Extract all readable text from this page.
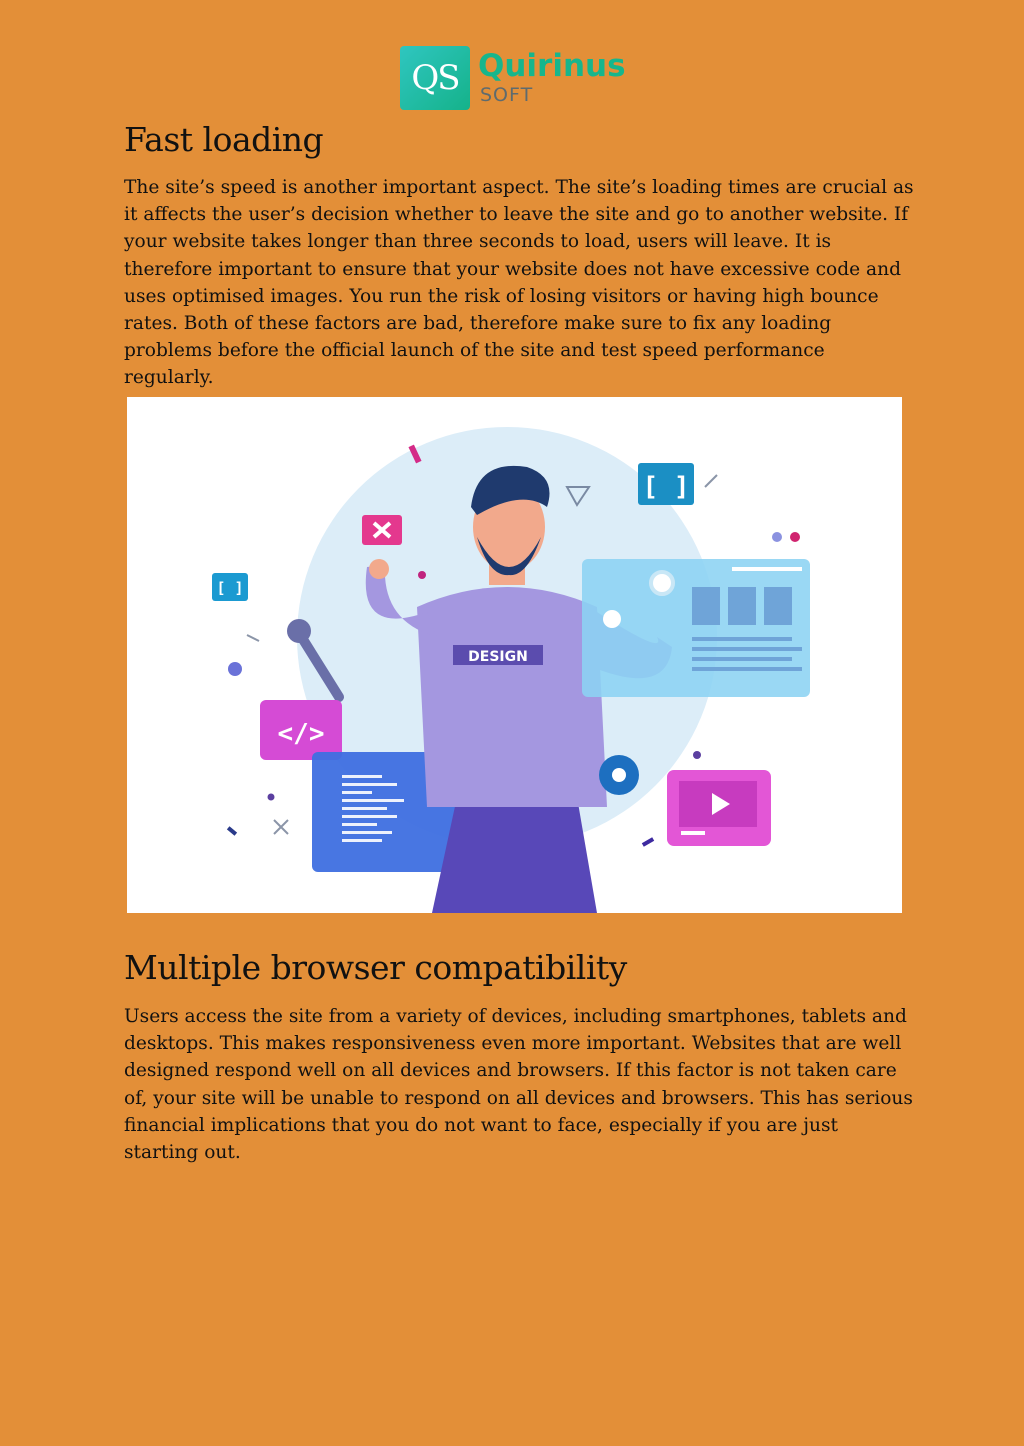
QS Quirinus
SOFT
Fast loading

The site’s speed is another important aspect. The site’s loading times are crucial as it affects the user’s decision whether to leave the site and go to another website. If your website takes longer than three seconds to load, users will leave. It is therefore important to ensure that your website does not have excessive code and uses optimised images. You run the risk of losing visitors or having high bounce rates. Both of these factors are bad, therefore make sure to fix any loading problems before the official launch of the site and test speed performance regularly.

[ ]
[ ]
</>
DESIGN
Multiple browser compatibility

Users access the site from a variety of devices, including smartphones, tablets and desktops. This makes responsiveness even more important. Websites that are well designed respond well on all devices and browsers. If this factor is not taken care of, your site will be unable to respond on all devices and browsers. This has serious financial implications that you do not want to face, especially if you are just starting out.
